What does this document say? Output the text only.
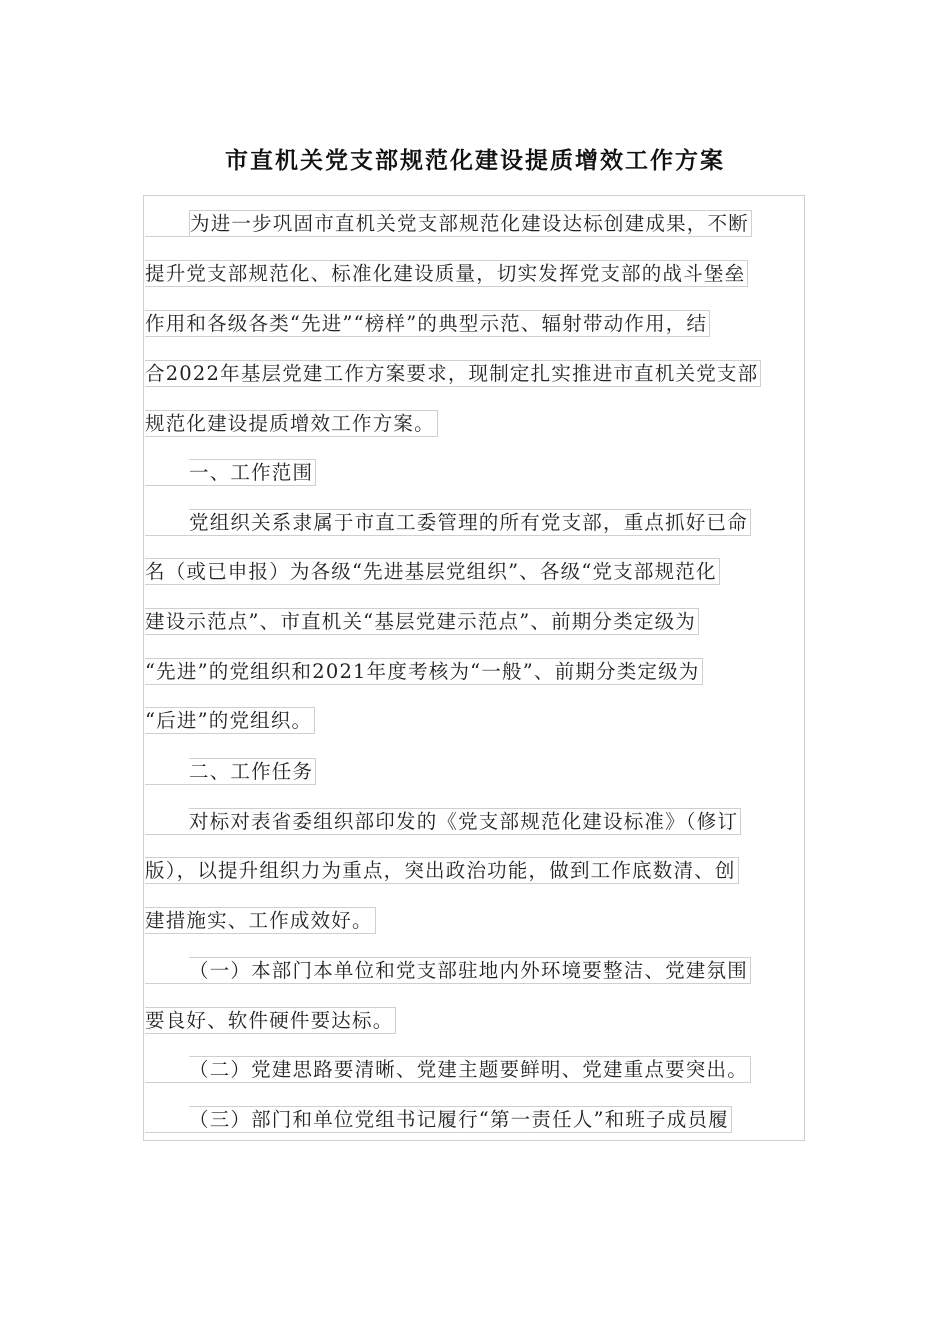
市直机关党支部规范化建设提质增效工作方案
为进一步巩固市直机关党支部规范化建设达标创建成果，不断
提升党支部规范化、标准化建设质量，切实发挥党支部的战斗堡垒
作用和各级各类“先进”“榜样”的典型示范、辐射带动作用，结
合2022年基层党建工作方案要求，现制定扎实推进市直机关党支部
规范化建设提质增效工作方案。
一、工作范围
党组织关系隶属于市直工委管理的所有党支部，重点抓好已命
名（或已申报）为各级“先进基层党组织”、各级“党支部规范化
建设示范点”、市直机关“基层党建示范点”、前期分类定级为
“先进”的党组织和2021年度考核为“一般”、前期分类定级为
“后进”的党组织。
二、工作任务
对标对表省委组织部印发的《党支部规范化建设标准》（修订
版），以提升组织力为重点，突出政治功能，做到工作底数清、创
建措施实、工作成效好。
（一）本部门本单位和党支部驻地内外环境要整洁、党建氛围
要良好、软件硬件要达标。
（二）党建思路要清晰、党建主题要鲜明、党建重点要突出。
（三）部门和单位党组书记履行“第一责任人”和班子成员履
